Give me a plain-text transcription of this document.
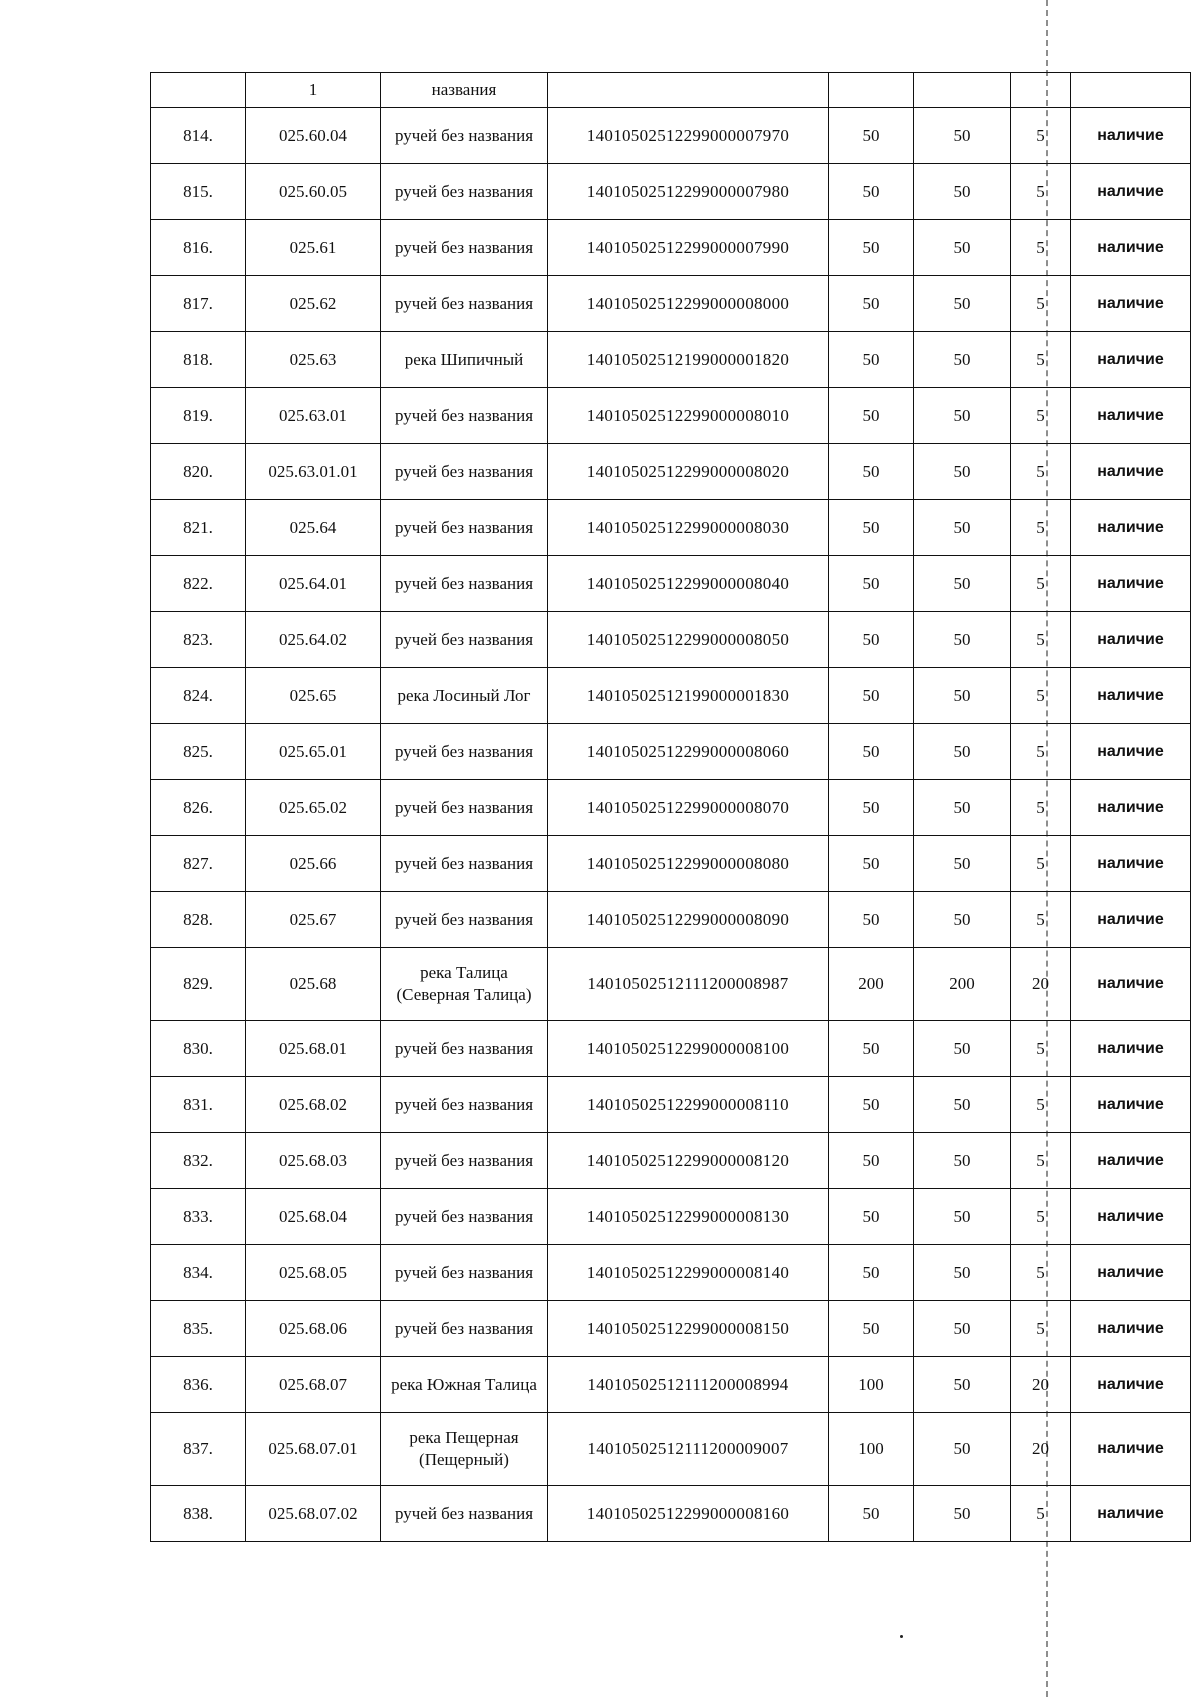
	1	названия					
814.	025.60.04	ручей без названия	14010502512299000007970	50	50	5	наличие
815.	025.60.05	ручей без названия	14010502512299000007980	50	50	5	наличие
816.	025.61	ручей без названия	14010502512299000007990	50	50	5	наличие
817.	025.62	ручей без названия	14010502512299000008000	50	50	5	наличие
818.	025.63	река Шипичный	14010502512199000001820	50	50	5	наличие
819.	025.63.01	ручей без названия	14010502512299000008010	50	50	5	наличие
820.	025.63.01.01	ручей без названия	14010502512299000008020	50	50	5	наличие
821.	025.64	ручей без названия	14010502512299000008030	50	50	5	наличие
822.	025.64.01	ручей без названия	14010502512299000008040	50	50	5	наличие
823.	025.64.02	ручей без названия	14010502512299000008050	50	50	5	наличие
824.	025.65	река Лосиный Лог	14010502512199000001830	50	50	5	наличие
825.	025.65.01	ручей без названия	14010502512299000008060	50	50	5	наличие
826.	025.65.02	ручей без названия	14010502512299000008070	50	50	5	наличие
827.	025.66	ручей без названия	14010502512299000008080	50	50	5	наличие
828.	025.67	ручей без названия	14010502512299000008090	50	50	5	наличие
829.	025.68	река Талица (Северная Талица)	14010502512111200008987	200	200	20	наличие
830.	025.68.01	ручей без названия	14010502512299000008100	50	50	5	наличие
831.	025.68.02	ручей без названия	14010502512299000008110	50	50	5	наличие
832.	025.68.03	ручей без названия	14010502512299000008120	50	50	5	наличие
833.	025.68.04	ручей без названия	14010502512299000008130	50	50	5	наличие
834.	025.68.05	ручей без названия	14010502512299000008140	50	50	5	наличие
835.	025.68.06	ручей без названия	14010502512299000008150	50	50	5	наличие
836.	025.68.07	река Южная Талица	14010502512111200008994	100	50	20	наличие
837.	025.68.07.01	река Пещерная (Пещерный)	14010502512111200009007	100	50	20	наличие
838.	025.68.07.02	ручей без названия	14010502512299000008160	50	50	5	наличие
